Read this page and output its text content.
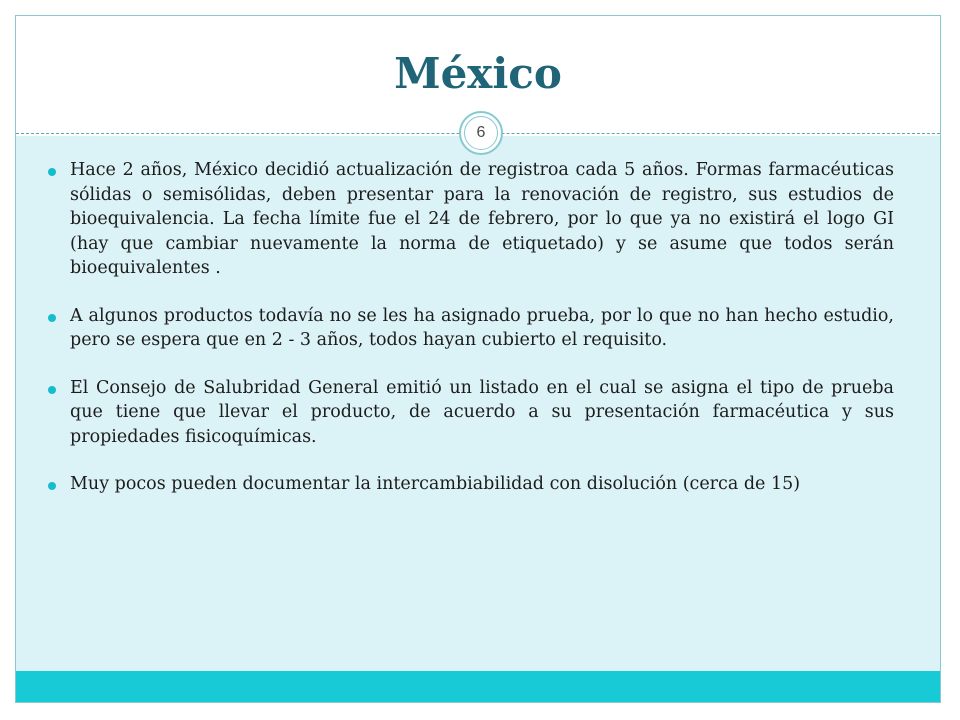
México
6
Hace 2 años, México decidió actualización de registroa cada 5 años. Formas farmacéuticas sólidas o semisólidas, deben presentar para la renovación de registro, sus estudios de bioequivalencia. La fecha límite fue el 24 de febrero, por lo que ya no existirá el logo GI (hay que cambiar nuevamente la norma de etiquetado) y se asume que todos serán bioequivalentes .
A algunos productos todavía no se les ha asignado prueba, por lo que no han hecho estudio, pero se espera que en 2 - 3 años, todos hayan cubierto el requisito.
El Consejo de Salubridad General emitió un listado en el cual se asigna el tipo de prueba que tiene que llevar el producto, de acuerdo a su presentación farmacéutica y sus propiedades fisicoquímicas.
Muy pocos pueden documentar la intercambiabilidad con disolución (cerca de 15)
